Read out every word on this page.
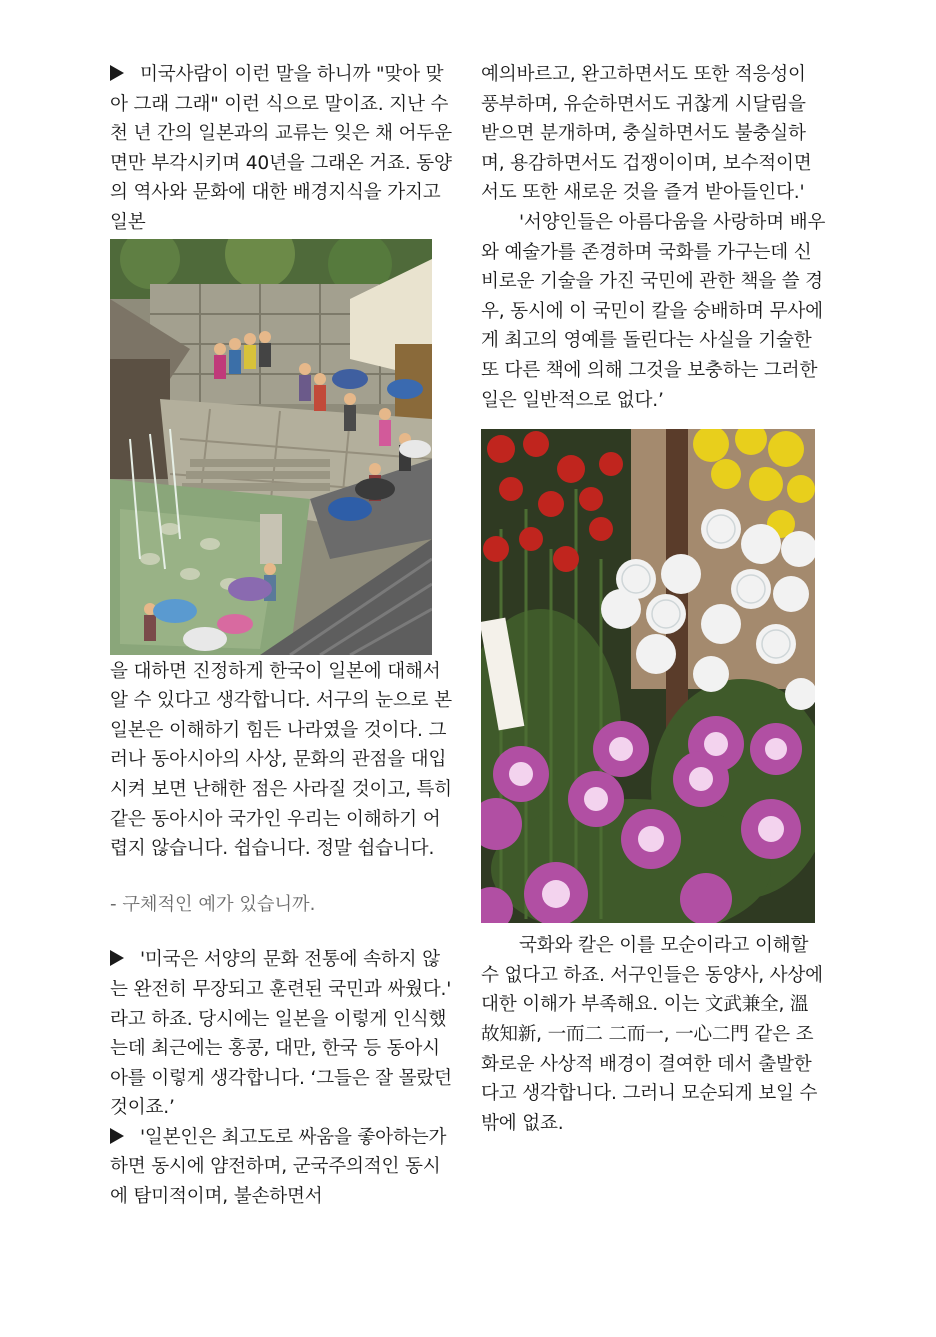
미국사람이 이런 말을 하니까 "맞아 맞아 그래 그래" 이런 식으로 말이죠. 지난 수천 년 간의 일본과의 교류는 잊은 채 어두운 면만 부각시키며 40년을 그래온 거죠. 동양의 역사와 문화에 대한 배경지식을 가지고 일본

을 대하면 진정하게 한국이 일본에 대해서 알 수 있다고 생각합니다. 서구의 눈으로 본 일본은 이해하기 힘든 나라였을 것이다. 그러나 동아시아의 사상, 문화의 관점을 대입시켜 보면 난해한 점은 사라질 것이고, 특히 같은 동아시아 국가인 우리는 이해하기 어렵지 않습니다. 쉽습니다. 정말 쉽습니다.

- 구체적인 예가 있습니까.

'미국은 서양의 문화 전통에 속하지 않는 완전히 무장되고 훈련된 국민과 싸웠다.' 라고 하죠. 당시에는 일본을 이렇게 인식했는데 최근에는 홍콩, 대만, 한국 등 동아시아를 이렇게 생각합니다. ‘그들은 잘 몰랐던 것이죠.’

'일본인은 최고도로 싸움을 좋아하는가 하면 동시에 얌전하며, 군국주의적인 동시에 탐미적이며, 불손하면서

예의바르고, 완고하면서도 또한 적응성이 풍부하며, 유순하면서도 귀찮게 시달림을 받으면 분개하며, 충실하면서도 불충실하며, 용감하면서도 겁쟁이이며, 보수적이면서도 또한 새로운 것을 즐겨 받아들인다.'

'서양인들은 아름다움을 사랑하며 배우와 예술가를 존경하며 국화를 가구는데 신비로운 기술을 가진 국민에 관한 책을 쓸 경우, 동시에 이 국민이 칼을 숭배하며 무사에게 최고의 영예를 돌린다는 사실을 기술한 또 다른 책에 의해 그것을 보충하는 그러한 일은 일반적으로 없다.’

국화와 칼은 이를 모순이라고 이해할 수 없다고 하죠. 서구인들은 동양사, 사상에 대한 이해가 부족해요. 이는 文武兼全, 溫故知新, 一而二 二而一, 一心二門 같은 조화로운 사상적 배경이 결여한 데서 출발한다고 생각합니다. 그러니 모순되게 보일 수밖에 없죠.
